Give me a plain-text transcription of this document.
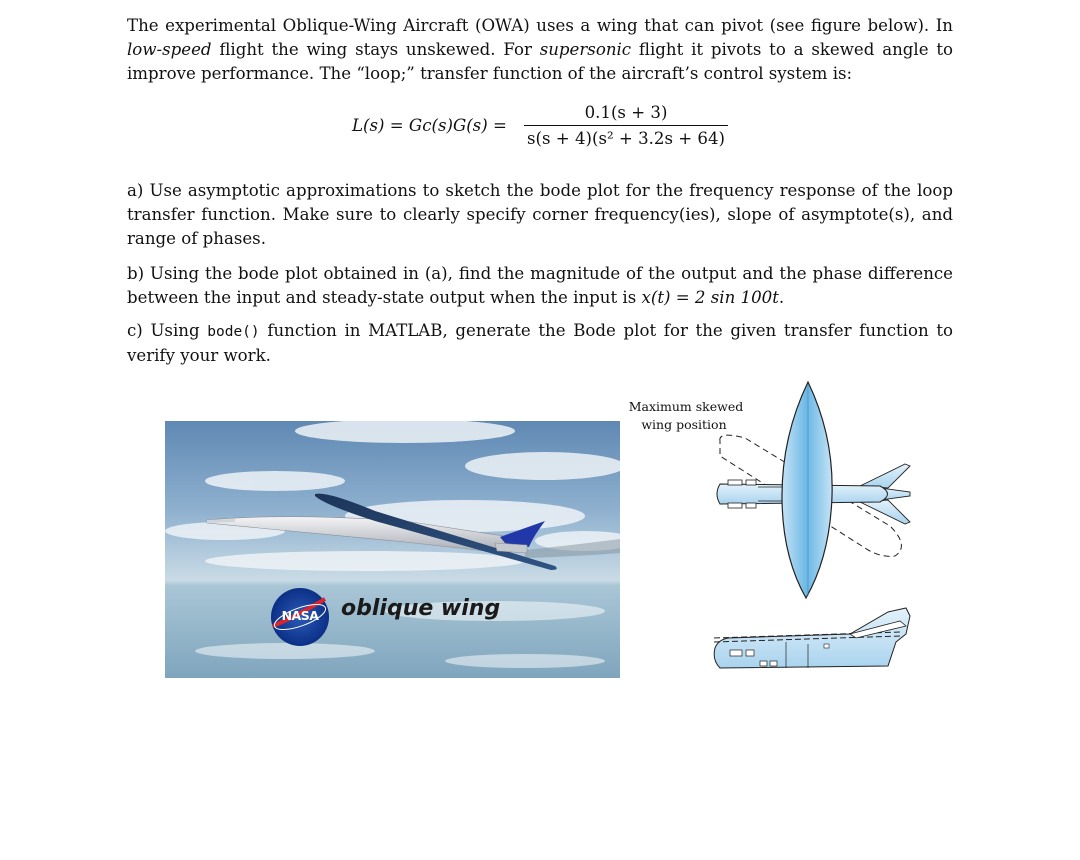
The experimental Oblique-Wing Aircraft (OWA) uses a wing that can pivot (see figure below). In low-speed flight the wing stays unskewed. For supersonic flight it pivots to a skewed angle to improve performance. The “loop;” transfer function of the aircraft’s control system is:
L(s) = Gc(s)G(s) =
0.1(s + 3)
s(s + 4)(s² + 3.2s + 64)
a) Use asymptotic approximations to sketch the bode plot for the frequency response of the loop transfer function. Make sure to clearly specify corner frequency(ies), slope of asymptote(s), and range of phases.
b) Using the bode plot obtained in (a), find the magnitude of the output and the phase difference between the input and steady-state output when the input is x(t) = 2 sin 100t.
c) Using bode() function in MATLAB, generate the Bode plot for the given transfer function to verify your work.
NASA	oblique wing
Maximum skewed
wing position
